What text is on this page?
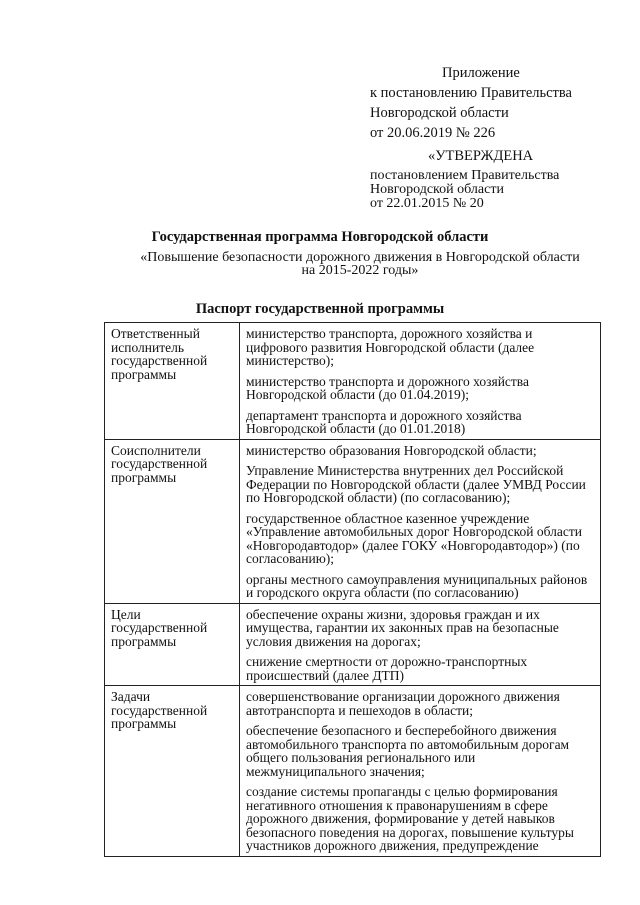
Приложение
к постановлению Правительства
Новгородской области
от 20.06.2019 № 226
«УТВЕРЖДЕНА
постановлением Правительства
Новгородской области
от 22.01.2015 № 20
Государственная программа Новгородской области
«Повышение безопасности дорожного движения в Новгородской области
на 2015-2022 годы»
Паспорт государственной программы
Ответственный исполнитель государственной программы	министерство транспорта, дорожного хозяйства и цифрового развития Новгородской области (далее министерство);
министерство транспорта и дорожного хозяйства Новгородской области (до 01.04.2019);
департамент транспорта и дорожного хозяйства Новгородской области (до 01.01.2018)

Соисполнители государственной программы	министерство образования Новгородской области;
Управление Министерства внутренних дел Российской Федерации по Новгородской области (далее УМВД России по Новгородской области) (по согласованию);
государственное областное казенное учреждение «Управление автомобильных дорог Новгородской области «Новгородавтодор» (далее ГОКУ «Новгородавтодор») (по согласованию);
органы местного самоуправления муниципальных районов и городского округа области (по согласованию)

Цели государственной программы	обеспечение охраны жизни, здоровья граждан и их имущества, гарантии их законных прав на безопасные условия движения на дорогах;
снижение смертности от дорожно-транспортных происшествий (далее ДТП)

Задачи государственной программы	совершенствование организации дорожного движения автотранспорта и пешеходов в области;
обеспечение безопасного и бесперебойного движения автомобильного транспорта по автомобильным дорогам общего пользования регионального или межмуниципального значения;
создание системы пропаганды с целью формирования негативного отношения к правонарушениям в сфере дорожного движения, формирование у детей навыков безопасного поведения на дорогах, повышение культуры участников дорожного движения, предупреждение
